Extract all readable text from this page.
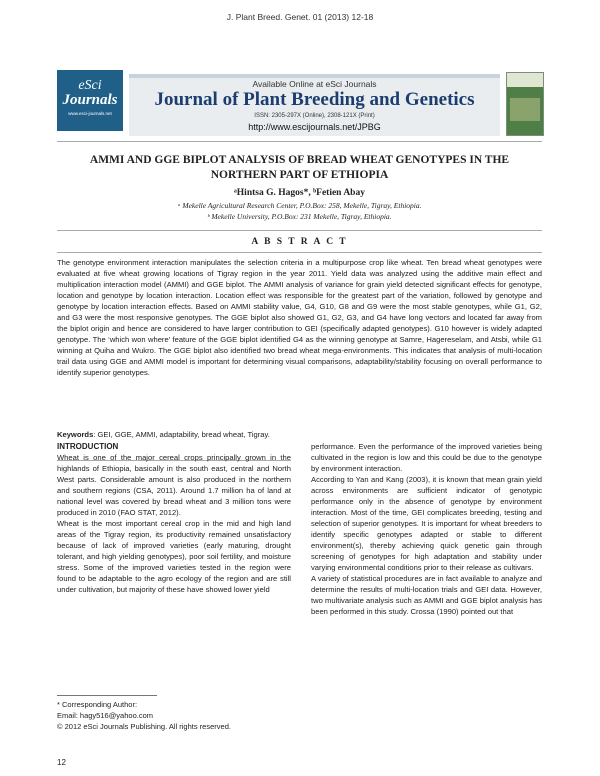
J. Plant Breed. Genet. 01 (2013) 12-18
eSci
Journals
www.esci-journals.net
Available Online at eSci Journals
Journal of Plant Breeding and Genetics
ISSN: 2305-297X (Online), 2308-121X (Print)
http://www.escijournals.net/JPBG
AMMI AND GGE BIPLOT ANALYSIS OF BREAD WHEAT GENOTYPES IN THE
NORTHERN PART OF ETHIOPIA
ᵃHintsa G. Hagos*, ᵇFetien Abay
ᵃ Mekelle Agricultural Research Center, P.O.Box: 258, Mekelle, Tigray, Ethiopia.
ᵇ Mekelle University, P.O.Box: 231 Mekelle, Tigray, Ethiopia.
A B S T R A C T
The genotype environment interaction manipulates the selection criteria in a multipurpose crop like wheat. Ten bread wheat genotypes were evaluated at five wheat growing locations of Tigray region in the year 2011. Yield data was analyzed using the additive main effect and multiplication interaction model (AMMI) and GGE biplot. The AMMI analysis of variance for grain yield detected significant effects for genotype, location and genotype by location interaction. Location effect was responsible for the greatest part of the variation, followed by genotype and genotype by location interaction effects. Based on AMMI stability value, G4, G10, G8 and G9 were the most stable genotypes, while G1, G2, and G3 were the most responsive genotypes. The GGE biplot also showed G1, G2, G3, and G4 have long vectors and located far away from the biplot origin and hence are considered to have larger contribution to GEI (specifically adapted genotypes). G10 however is widely adapted genotype. The ‘which won where’ feature of the GGE biplot identified G4 as the winning genotype at Samre, Hagereselam, and Atsbi, while G1 winning at Quiha and Wukro. The GGE biplot also identified two bread wheat mega-environments. This indicates that analysis of multi-location trail data using GGE and AMMI model is important for determining visual comparisons, adaptability/stability focusing on overall performance to identify superior genotypes.
Keywords: GEI, GGE, AMMI, adaptability, bread wheat, Tigray.

INTRODUCTION

Wheat is one of the major cereal crops principally grown in the highlands of Ethiopia, basically in the south east, central and North West parts. Considerable amount is also produced in the northern and southern regions (CSA, 2011). Around 1.7 million ha of land at national level was covered by bread wheat and 3 million tons were produced in 2010 (FAO STAT, 2012).

Wheat is the most important cereal crop in the mid and high land areas of the Tigray region, its productivity remained unsatisfactory because of lack of improved varieties (early maturing, drought tolerant, and high yielding genotypes), poor soil fertility, and moisture stress. Some of the improved varieties tested in the region were found to be adaptable to the agro ecology of the region and are still under cultivation, but majority of these have showed lower yield

performance. Even the performance of the improved varieties being cultivated in the region is low and this could be due to the genotype by environment interaction.

According to Yan and Kang (2003), it is known that mean grain yield across environments are sufficient indicator of genotypic performance only in the absence of genotype by environment interaction. Most of the time, GEI complicates breeding, testing and selection of superior genotypes. It is important for wheat breeders to identify specific genotypes adapted or stable to different environment(s), thereby achieving quick genetic gain through screening of genotypes for high adaptation and stability under varying environmental conditions prior to their release as cultivars.

A variety of statistical procedures are in fact available to analyze and determine the results of multi-location trials and GEI data. However, two multivariate analysis such as AMMI and GGE biplot analysis has been performed in this study. Crossa (1990) pointed out that

* Corresponding Author:
Email: hagy516@yahoo.com
© 2012 eSci Journals Publishing. All rights reserved.
12
